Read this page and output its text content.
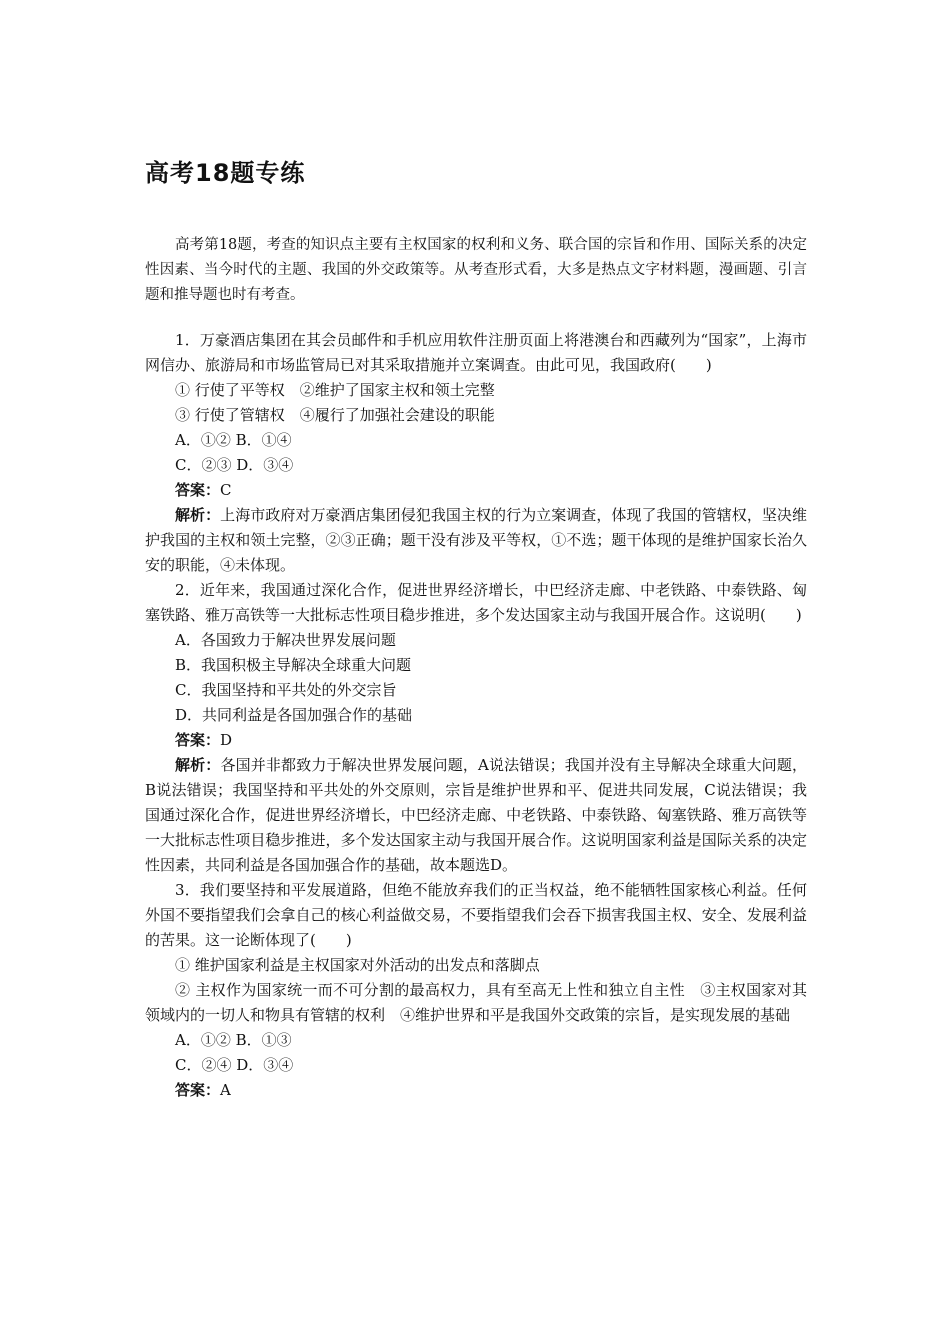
高考18题专练

高考第18题，考查的知识点主要有主权国家的权利和义务、联合国的宗旨和作用、国际关系的决定性因素、当今时代的主题、我国的外交政策等。从考查形式看，大多是热点文字材料题，漫画题、引言题和推导题也时有考查。

1．万豪酒店集团在其会员邮件和手机应用软件注册页面上将港澳台和西藏列为“国家”，上海市网信办、旅游局和市场监管局已对其采取措施并立案调查。由此可见，我国政府(　　)

① 行使了平等权　②维护了国家主权和领土完整

③ 行使了管辖权　④履行了加强社会建设的职能

A．①② B．①④

C．②③ D．③④

答案：C

解析：上海市政府对万豪酒店集团侵犯我国主权的行为立案调查，体现了我国的管辖权，坚决维护我国的主权和领土完整，②③正确；题干没有涉及平等权，①不选；题干体现的是维护国家长治久安的职能，④未体现。

2．近年来，我国通过深化合作，促进世界经济增长，中巴经济走廊、中老铁路、中泰铁路、匈塞铁路、雅万高铁等一大批标志性项目稳步推进，多个发达国家主动与我国开展合作。这说明(　　)

A．各国致力于解决世界发展问题

B．我国积极主导解决全球重大问题

C．我国坚持和平共处的外交宗旨

D．共同利益是各国加强合作的基础

答案：D

解析：各国并非都致力于解决世界发展问题，A说法错误；我国并没有主导解决全球重大问题，B说法错误；我国坚持和平共处的外交原则，宗旨是维护世界和平、促进共同发展，C说法错误；我国通过深化合作，促进世界经济增长，中巴经济走廊、中老铁路、中泰铁路、匈塞铁路、雅万高铁等一大批标志性项目稳步推进，多个发达国家主动与我国开展合作。这说明国家利益是国际关系的决定性因素，共同利益是各国加强合作的基础，故本题选D。

3．我们要坚持和平发展道路，但绝不能放弃我们的正当权益，绝不能牺牲国家核心利益。任何外国不要指望我们会拿自己的核心利益做交易，不要指望我们会吞下损害我国主权、安全、发展利益的苦果。这一论断体现了(　　)

① 维护国家利益是主权国家对外活动的出发点和落脚点

② 主权作为国家统一而不可分割的最高权力，具有至高无上性和独立自主性　③主权国家对其领域内的一切人和物具有管辖的权利　④维护世界和平是我国外交政策的宗旨，是实现发展的基础

A．①② B．①③

C．②④ D．③④

答案：A
